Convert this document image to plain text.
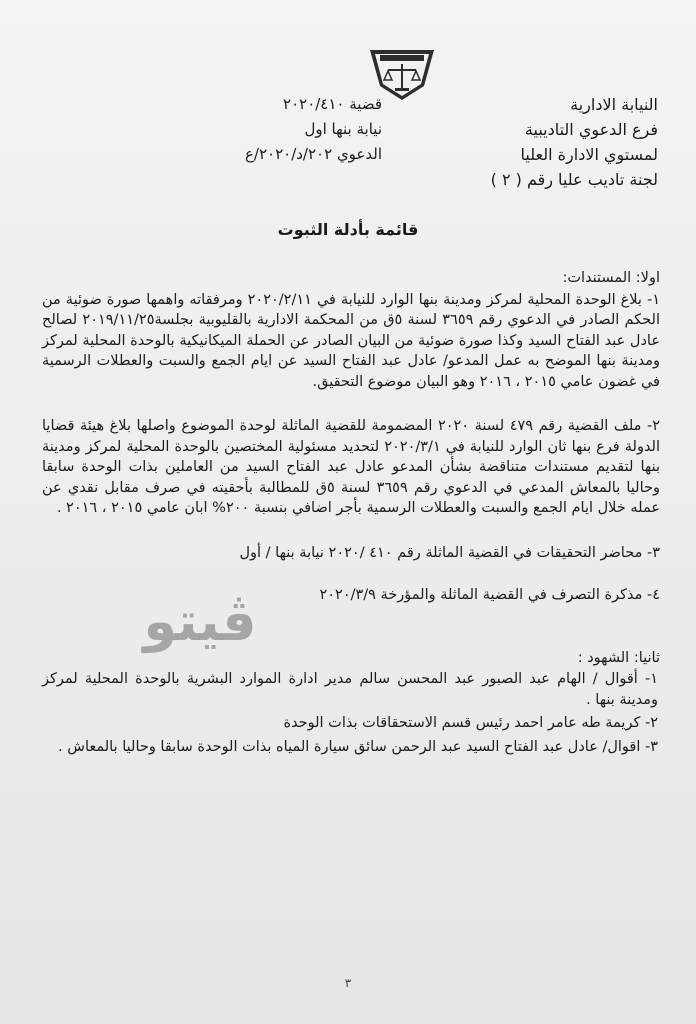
النيابة الادارية
فرع الدعوي التاديبية
لمستوي الادارة العليا
لجنة تاديب عليا رقم ( ٢ )
قضية ٢٠٢٠/٤١٠
نيابة بنها اول
الدعوي ٢٠٢/د/٢٠٢٠/ع
قائمة بأدلة الثبوت
اولا: المستندات:
١- بلاغ الوحدة المحلية لمركز ومدينة بنها الوارد للنيابة في ٢٠٢٠/٢/١١ ومرفقاته واهمها صورة ضوئية من الحكم الصادر في الدعوي رقم ٣٦٥٩ لسنة ٥ق من المحكمة الادارية بالقليوبية بجلسة٢٠١٩/١١/٢٥ لصالح عادل عبد الفتاح السيد وكذا صورة ضوئية من البيان الصادر عن الحملة الميكانيكية بالوحدة المحلية لمركز ومدينة بنها الموضح به عمل المدعو/ عادل عبد الفتاح السيد عن ايام الجمع والسبت والعطلات الرسمية في غضون عامي ٢٠١٥ ، ٢٠١٦ وهو البيان موضوع التحقيق.
٢- ملف القضية رقم ٤٧٩ لسنة ٢٠٢٠ المضمومة للقضية الماثلة لوحدة الموضوع واصلها بلاغ هيئة قضايا الدولة فرع بنها ثان الوارد للنيابة في ٢٠٢٠/٣/١ لتحديد مسئولية المختصين بالوحدة المحلية لمركز ومدينة بنها لتقديم مستندات متناقضة بشأن المدعو عادل عبد الفتاح السيد من العاملين بذات الوحدة سابقا وحاليا بالمعاش المدعي في الدعوي رقم ٣٦٥٩ لسنة ٥ق للمطالبة بأحقيته في صرف مقابل نقدي عن عمله خلال ايام الجمع والسبت والعطلات الرسمية بأجر اضافي بنسبة ٢٠٠% ابان عامي ٢٠١٥ ، ٢٠١٦ .
٣- محاضر التحقيقات في القضية الماثلة رقم ٤١٠ /٢٠٢٠ نيابة بنها / أول
٤- مذكرة التصرف في القضية الماثلة والمؤرخة ٢٠٢٠/٣/٩
ثانيا: الشهود :
١- أقوال / الهام عبد الصبور عبد المحسن سالم مدير ادارة الموارد البشرية بالوحدة المحلية لمركز ومدينة بنها .
٢- كريمة طه عامر احمد رئيس قسم الاستحقاقات بذات الوحدة
٣- اقوال/ عادل عبد الفتاح السيد عبد الرحمن سائق سيارة المياه بذات الوحدة سابقا وحاليا بالمعاش .
ڤيتو
٣
